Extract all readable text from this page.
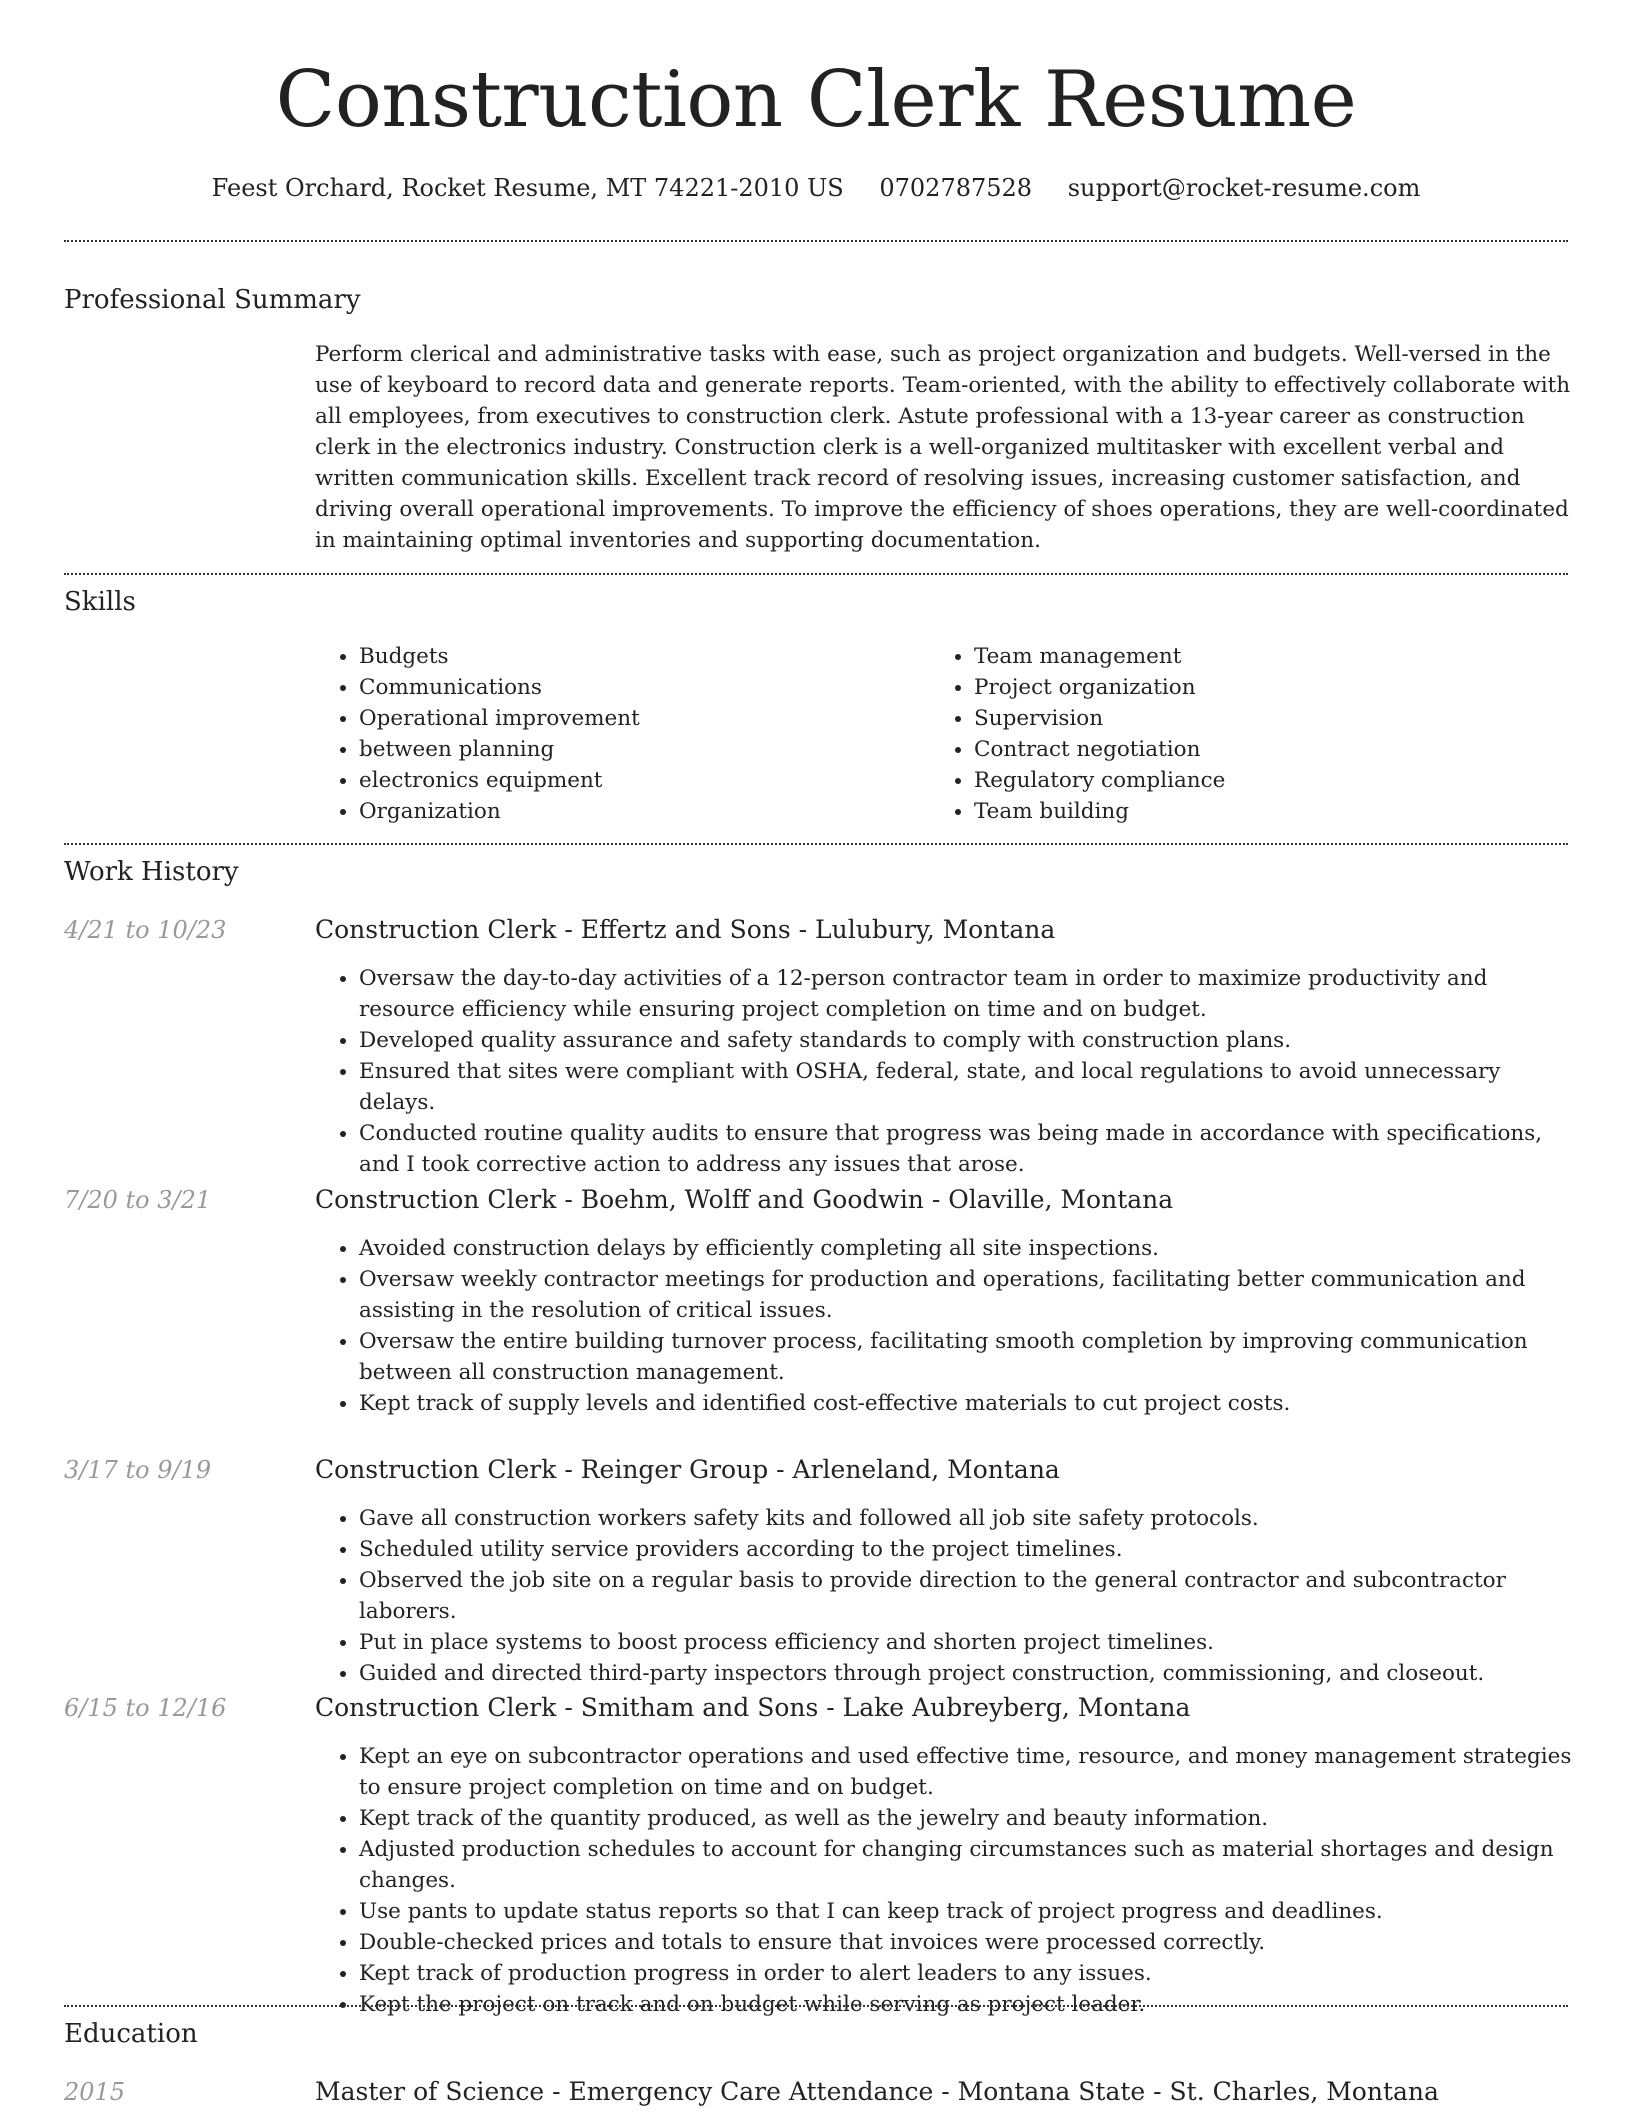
Construction Clerk Resume
Feest Orchard, Rocket Resume, MT 74221-2010 US 0702787528 support@rocket-resume.com
Professional Summary
Perform clerical and administrative tasks with ease, such as project organization and budgets. Well-versed in the use of keyboard to record data and generate reports. Team-oriented, with the ability to effectively collaborate with all employees, from executives to construction clerk. Astute professional with a 13-year career as construction clerk in the electronics industry. Construction clerk is a well-organized multitasker with excellent verbal and written communication skills. Excellent track record of resolving issues, increasing customer satisfaction, and driving overall operational improvements. To improve the efficiency of shoes operations, they are well-coordinated in maintaining optimal inventories and supporting documentation.
Skills
• Budgets
• Communications
• Operational improvement
• between planning
• electronics equipment
• Organization
• Team management
• Project organization
• Supervision
• Contract negotiation
• Regulatory compliance
• Team building
Work History
4/21 to 10/23	Construction Clerk - Effertz and Sons - Lulubury, Montana
• Oversaw the day-to-day activities of a 12-person contractor team in order to maximize productivity and resource efficiency while ensuring project completion on time and on budget.
• Developed quality assurance and safety standards to comply with construction plans.
• Ensured that sites were compliant with OSHA, federal, state, and local regulations to avoid unnecessary delays.
• Conducted routine quality audits to ensure that progress was being made in accordance with specifications, and I took corrective action to address any issues that arose.
7/20 to 3/21	Construction Clerk - Boehm, Wolff and Goodwin - Olaville, Montana
• Avoided construction delays by efficiently completing all site inspections.
• Oversaw weekly contractor meetings for production and operations, facilitating better communication and assisting in the resolution of critical issues.
• Oversaw the entire building turnover process, facilitating smooth completion by improving communication between all construction management.
• Kept track of supply levels and identified cost-effective materials to cut project costs.
3/17 to 9/19	Construction Clerk - Reinger Group - Arleneland, Montana
• Gave all construction workers safety kits and followed all job site safety protocols.
• Scheduled utility service providers according to the project timelines.
• Observed the job site on a regular basis to provide direction to the general contractor and subcontractor laborers.
• Put in place systems to boost process efficiency and shorten project timelines.
• Guided and directed third-party inspectors through project construction, commissioning, and closeout.
6/15 to 12/16	Construction Clerk - Smitham and Sons - Lake Aubreyberg, Montana
• Kept an eye on subcontractor operations and used effective time, resource, and money management strategies to ensure project completion on time and on budget.
• Kept track of the quantity produced, as well as the jewelry and beauty information.
• Adjusted production schedules to account for changing circumstances such as material shortages and design changes.
• Use pants to update status reports so that I can keep track of project progress and deadlines.
• Double-checked prices and totals to ensure that invoices were processed correctly.
• Kept track of production progress in order to alert leaders to any issues.
• Kept the project on track and on budget while serving as project leader.
Education
2015	Master of Science - Emergency Care Attendance - Montana State - St. Charles, Montana
